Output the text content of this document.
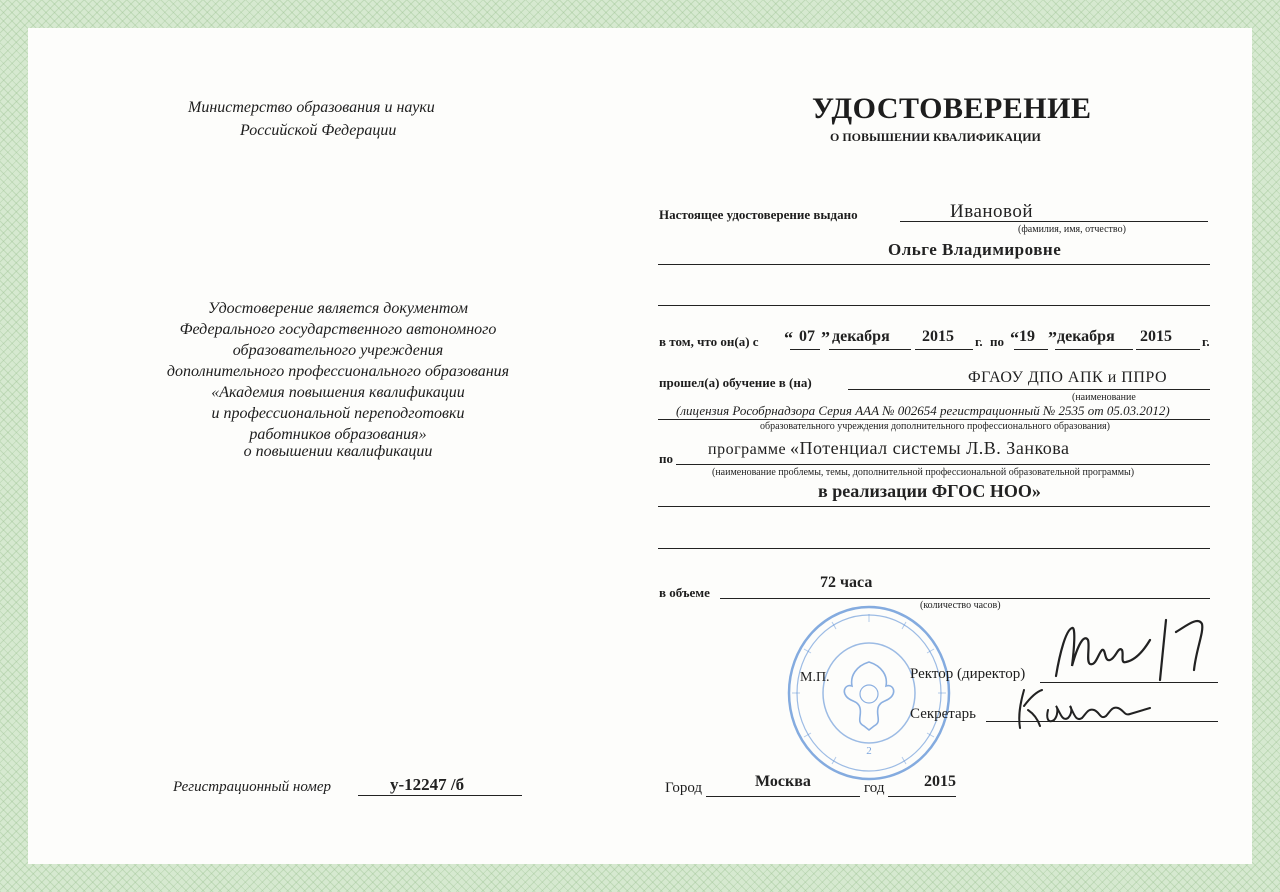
Министерство образования и науки
Российской Федерации
Удостоверение является документом
Федерального государственного автономного
образовательного учреждения
дополнительного профессионального образования
«Академия повышения квалификации
и профессиональной переподготовки
работников образования»
о повышении квалификации
Регистрационный номер	у-12247 /б
УДОСТОВЕРЕНИЕ
О ПОВЫШЕНИИ КВАЛИФИКАЦИИ
Настоящее удостоверение выдано	Ивановой
(фамилия, имя, отчество)
Ольге Владимировне
в том, что он(а) с “ 07 ” декабря 2015 г. по “ 19 ” декабря 2015 г.
прошел(а) обучение в (на)	ФГАОУ ДПО АПК и ППРО
(наименование
(лицензия Рособрнадзора Серия ААА № 002654 регистрационный № 2535 от 05.03.2012)
образовательного учреждения дополнительного профессионального образования)
по
программе «Потенциал системы Л.В. Занкова
(наименование проблемы, темы, дополнительной профессиональной образовательной программы)
в реализации ФГОС НОО»
в объеме
72 часа
(количество часов)
2
М.П.	Ректор (директор)
Секретарь
Город	Москва	год 2015
